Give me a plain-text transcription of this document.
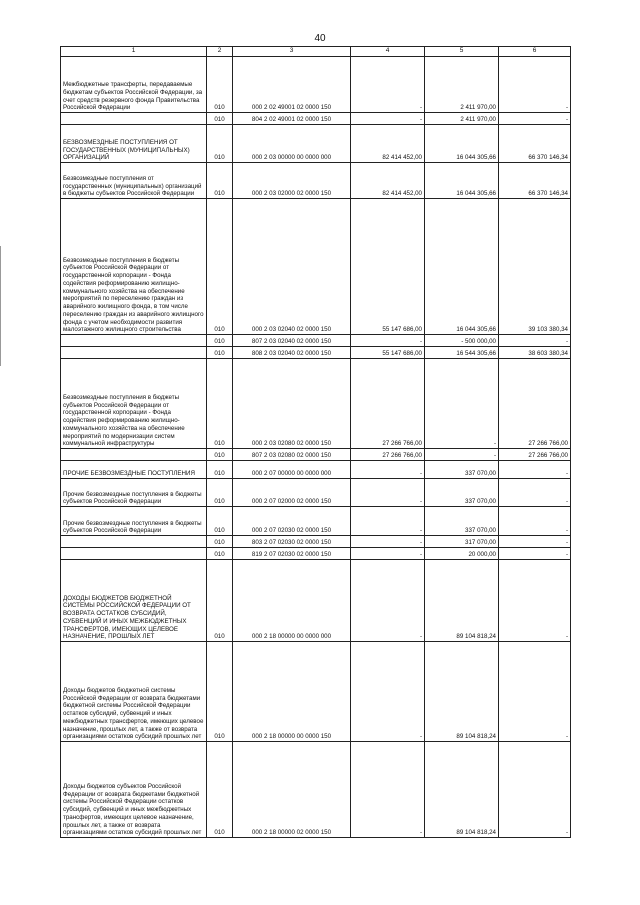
40
1	2	3	4	5	6
Межбюджетные трансферты, передаваемые бюджетам субъектов Российской Федерации, за счет средств резервного фонда Правительства Российской Федерации	010	000 2 02 49001 02 0000 150	-	2 411 970,00	-
	010	804 2 02 49001 02 0000 150	-	2 411 970,00	-
БЕЗВОЗМЕЗДНЫЕ ПОСТУПЛЕНИЯ ОТ ГОСУДАРСТВЕННЫХ (МУНИЦИПАЛЬНЫХ) ОРГАНИЗАЦИЙ	010	000 2 03 00000 00 0000 000	82 414 452,00	16 044 305,66	66 370 146,34
Безвозмездные поступления от государственных (муниципальных) организаций в бюджеты субъектов Российской Федерации	010	000 2 03 02000 02 0000 150	82 414 452,00	16 044 305,66	66 370 146,34
Безвозмездные поступления в бюджеты субъектов Российской Федерации от государственной корпорации - Фонда содействия реформированию жилищно-коммунального хозяйства на обеспечение мероприятий по переселению граждан из аварийного жилищного фонда, в том числе переселению граждан из аварийного жилищного фонда с учетом необходимости развития малоэтажного жилищного строительства	010	000 2 03 02040 02 0000 150	55 147 686,00	16 044 305,66	39 103 380,34
	010	807 2 03 02040 02 0000 150	-	- 500 000,00	-
	010	808 2 03 02040 02 0000 150	55 147 686,00	16 544 305,66	38 603 380,34
Безвозмездные поступления в бюджеты субъектов Российской Федерации от государственной корпорации - Фонда содействия реформированию жилищно-коммунального хозяйства на обеспечение мероприятий по модернизации систем коммунальной инфраструктуры	010	000 2 03 02080 02 0000 150	27 266 766,00	-	27 266 766,00
	010	807 2 03 02080 02 0000 150	27 266 766,00	-	27 266 766,00
ПРОЧИЕ БЕЗВОЗМЕЗДНЫЕ ПОСТУПЛЕНИЯ	010	000 2 07 00000 00 0000 000	-	337 070,00	-
Прочие безвозмездные поступления в бюджеты субъектов Российской Федерации	010	000 2 07 02000 02 0000 150	-	337 070,00	-
Прочие безвозмездные поступления в бюджеты субъектов Российской Федерации	010	000 2 07 02030 02 0000 150	-	337 070,00	-
	010	803 2 07 02030 02 0000 150	-	317 070,00	-
	010	819 2 07 02030 02 0000 150	-	20 000,00	-
ДОХОДЫ БЮДЖЕТОВ БЮДЖЕТНОЙ СИСТЕМЫ РОССИЙСКОЙ ФЕДЕРАЦИИ ОТ ВОЗВРАТА ОСТАТКОВ СУБСИДИЙ, СУБВЕНЦИЙ И ИНЫХ МЕЖБЮДЖЕТНЫХ ТРАНСФЕРТОВ, ИМЕЮЩИХ ЦЕЛЕВОЕ НАЗНАЧЕНИЕ, ПРОШЛЫХ ЛЕТ	010	000 2 18 00000 00 0000 000	-	89 104 818,24	-
Доходы бюджетов бюджетной системы Российской Федерации от возврата бюджетами бюджетной системы Российской Федерации остатков субсидий, субвенций и иных межбюджетных трансфертов, имеющих целевое назначение, прошлых лет, а также от возврата организациями остатков субсидий прошлых лет	010	000 2 18 00000 00 0000 150	-	89 104 818,24	-
Доходы бюджетов субъектов Российской Федерации от возврата бюджетами бюджетной системы Российской Федерации остатков субсидий, субвенций и иных межбюджетных трансфертов, имеющих целевое назначение, прошлых лет, а также от возврата организациями остатков субсидий прошлых лет	010	000 2 18 00000 02 0000 150	-	89 104 818,24	-
